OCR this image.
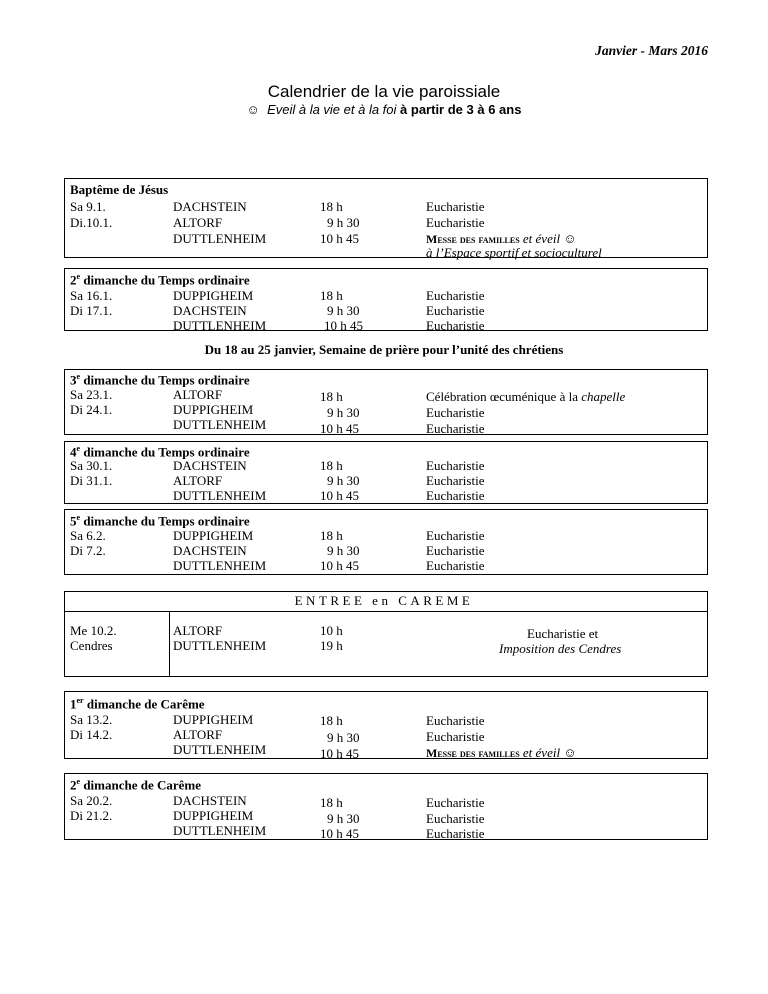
Janvier - Mars 2016
Calendrier de la vie paroissiale
☺ Eveil à la vie et à la foi à partir de 3 à 6 ans
Baptême de Jésus
Sa 9.1.	DACHSTEIN	18 h	Eucharistie
Di.10.1.	ALTORF	9 h 30	Eucharistie
DUTTLENHEIM	10 h 45	Messe des familles et éveil ☺
à l’Espace sportif et socioculturel
2e dimanche du Temps ordinaire
Sa 16.1.	DUPPIGHEIM	18 h	Eucharistie
Di 17.1.	DACHSTEIN	9 h 30	Eucharistie
DUTTLENHEIM	10 h 45	Eucharistie
Du 18 au 25 janvier, Semaine de prière pour l’unité des chrétiens
3e dimanche du Temps ordinaire
Sa 23.1.	ALTORF	18 h	Célébration œcuménique à la chapelle
Di 24.1.	DUPPIGHEIM	9 h 30	Eucharistie
DUTTLENHEIM	10 h 45	Eucharistie
4e dimanche du Temps ordinaire
Sa 30.1.	DACHSTEIN	18 h	Eucharistie
Di 31.1.	ALTORF	9 h 30	Eucharistie
DUTTLENHEIM	10 h 45	Eucharistie
5e dimanche du Temps ordinaire
Sa 6.2.	DUPPIGHEIM	18 h	Eucharistie
Di 7.2.	DACHSTEIN	9 h 30	Eucharistie
DUTTLENHEIM	10 h 45	Eucharistie
Me 10.2.	ALTORF	10 h	Eucharistie et
Cendres	DUTTLENHEIM	19 h	Imposition des Cendres
ENTREE en CAREME
1er dimanche de Carême
Sa 13.2.	DUPPIGHEIM	18 h	Eucharistie
Di 14.2.	ALTORF	9 h 30	Eucharistie
DUTTLENHEIM	10 h 45	Messe des familles et éveil ☺
2e dimanche de Carême
Sa 20.2.	DACHSTEIN	18 h	Eucharistie
Di 21.2.	DUPPIGHEIM	9 h 30	Eucharistie
DUTTLENHEIM	10 h 45	Eucharistie
